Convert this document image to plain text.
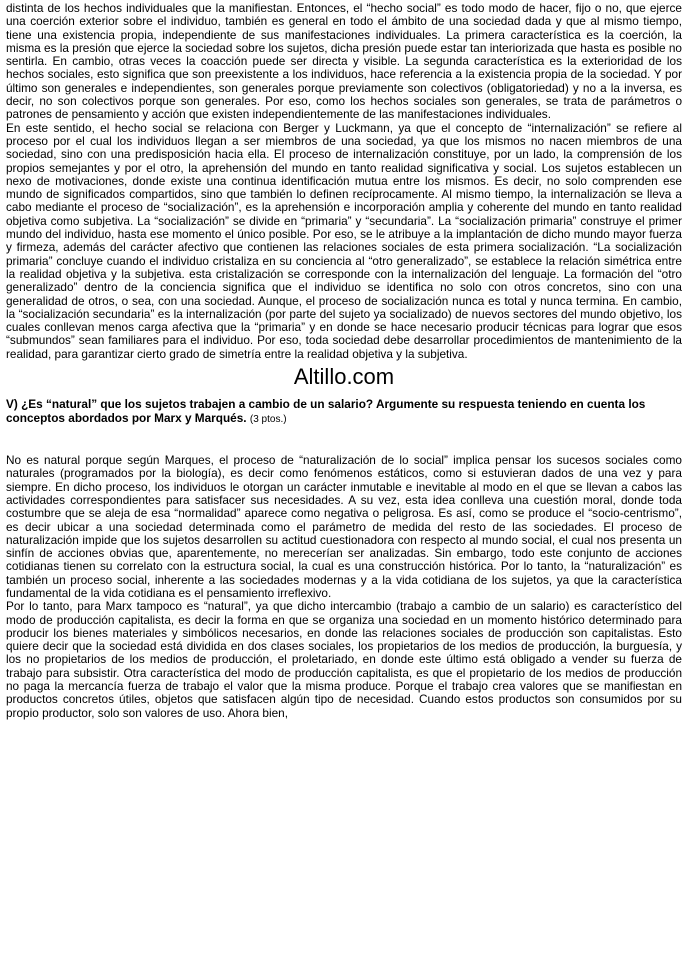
distinta de los hechos individuales que la manifiestan. Entonces, el “hecho social” es todo modo de hacer, fijo o no, que ejerce una coerción exterior sobre el individuo, también es general en todo el ámbito de una sociedad dada y que al mismo tiempo, tiene una existencia propia, independiente de sus manifestaciones individuales. La primera característica es la coerción, la misma es la presión que ejerce la sociedad sobre los sujetos, dicha presión puede estar tan interiorizada que hasta es posible no sentirla. En cambio, otras veces la coacción puede ser directa y visible. La segunda característica es la exterioridad de los hechos sociales, esto significa que son preexistente a los individuos, hace referencia a la existencia propia de la sociedad. Y por último son generales e independientes, son generales porque previamente son colectivos (obligatoriedad) y no a la inversa, es decir, no son colectivos porque son generales. Por eso, como los hechos sociales son generales, se trata de parámetros o patrones de pensamiento y acción que existen independientemente de las manifestaciones individuales.

En este sentido, el hecho social se relaciona con Berger y Luckmann, ya que el concepto de “internalización” se refiere al proceso por el cual los individuos llegan a ser miembros de una sociedad, ya que los mismos no nacen miembros de una sociedad, sino con una predisposición hacia ella. El proceso de internalización constituye, por un lado, la comprensión de los propios semejantes y por el otro, la aprehensión del mundo en tanto realidad significativa y social. Los sujetos establecen un nexo de motivaciones, donde existe una continua identificación mutua entre los mismos. Es decir, no solo comprenden ese mundo de significados compartidos, sino que también lo definen recíprocamente. Al mismo tiempo, la internalización se lleva a cabo mediante el proceso de “socialización”, es la aprehensión e incorporación amplia y coherente del mundo en tanto realidad objetiva como subjetiva. La “socialización” se divide en “primaria” y “secundaria”. La “socialización primaria” construye el primer mundo del individuo, hasta ese momento el único posible. Por eso, se le atribuye a la implantación de dicho mundo mayor fuerza y firmeza, además del carácter afectivo que contienen las relaciones sociales de esta primera socialización. “La socialización primaria” concluye cuando el individuo cristaliza en su conciencia al “otro generalizado”, se establece la relación simétrica entre la realidad objetiva y la subjetiva. esta cristalización se corresponde con la internalización del lenguaje. La formación del “otro generalizado” dentro de la conciencia significa que el individuo se identifica no solo con otros concretos, sino con una generalidad de otros, o sea, con una sociedad. Aunque, el proceso de socialización nunca es total y nunca termina. En cambio, la “socialización secundaria” es la internalización (por parte del sujeto ya socializado) de nuevos sectores del mundo objetivo, los cuales conllevan menos carga afectiva que la “primaria” y en donde se hace necesario producir técnicas para lograr que esos “submundos” sean familiares para el individuo. Por eso, toda sociedad debe desarrollar procedimientos de mantenimiento de la realidad, para garantizar cierto grado de simetría entre la realidad objetiva y la subjetiva.

Altillo.com

V) ¿Es “natural” que los sujetos trabajen a cambio de un salario? Argumente su respuesta teniendo en cuenta los conceptos abordados por Marx y Marqués. (3 ptos.)

No es natural porque según Marques, el proceso de “naturalización de lo social” implica pensar los sucesos sociales como naturales (programados por la biología), es decir como fenómenos estáticos, como si estuvieran dados de una vez y para siempre. En dicho proceso, los individuos le otorgan un carácter inmutable e inevitable al modo en el que se llevan a cabos las actividades correspondientes para satisfacer sus necesidades. A su vez, esta idea conlleva una cuestión moral, donde toda costumbre que se aleja de esa “normalidad” aparece como negativa o peligrosa. Es así, como se produce el “socio-centrismo”, es decir ubicar a una sociedad determinada como el parámetro de medida del resto de las sociedades. El proceso de naturalización impide que los sujetos desarrollen su actitud cuestionadora con respecto al mundo social, el cual nos presenta un sinfín de acciones obvias que, aparentemente, no merecerían ser analizadas. Sin embargo, todo este conjunto de acciones cotidianas tienen su correlato con la estructura social, la cual es una construcción histórica. Por lo tanto, la “naturalización” es también un proceso social, inherente a las sociedades modernas y a la vida cotidiana de los sujetos, ya que la característica fundamental de la vida cotidiana es el pensamiento irreflexivo.

Por lo tanto, para Marx tampoco es “natural”, ya que dicho intercambio (trabajo a cambio de un salario) es característico del modo de producción capitalista, es decir la forma en que se organiza una sociedad en un momento histórico determinado para producir los bienes materiales y simbólicos necesarios, en donde las relaciones sociales de producción son capitalistas. Esto quiere decir que la sociedad está dividida en dos clases sociales, los propietarios de los medios de producción, la burguesía, y los no propietarios de los medios de producción, el proletariado, en donde este último está obligado a vender su fuerza de trabajo para subsistir. Otra característica del modo de producción capitalista, es que el propietario de los medios de producción no paga la mercancía fuerza de trabajo el valor que la misma produce. Porque el trabajo crea valores que se manifiestan en productos concretos útiles, objetos que satisfacen algún tipo de necesidad. Cuando estos productos son consumidos por su propio productor, solo son valores de uso. Ahora bien,
